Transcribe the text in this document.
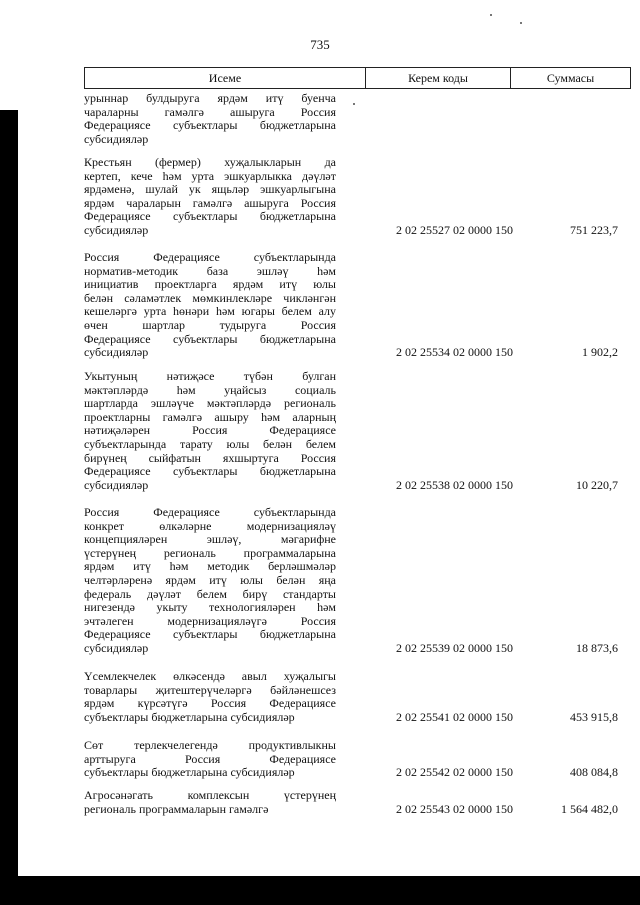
735
Исеме	Керем коды	Суммасы
урыннар булдыруга ярдәм итү буенча
чараларны гамәлгә ашыруга Россия
Федерациясе субъектлары бюджетларына
субсидияләр
Крестьян (фермер) хуҗалыкларын да
кертеп, кече һәм урта эшкуарлыкка дәүләт
ярдәменә, шулай ук ящьләр эшкуарлыгына
ярдәм чараларын гамәлгә ашыруга Россия
Федерациясе субъектлары бюджетларына
субсидияләр	2 02 25527 02 0000 150	751 223,7
Россия Федерациясе субъектларында
норматив-методик база эшләү һәм
инициатив проектларга ярдәм итү юлы
белән сәламәтлек мөмкинлекләре чикләнгән
кешеләргә урта һөнәри һәм югары белем алу
өчен шартлар тудыруга Россия
Федерациясе субъектлары бюджетларына
субсидияләр	2 02 25534 02 0000 150	1 902,2
Укытуның нәтиҗәсе түбән булган
мәктәпләрдә һәм уңайсыз социаль
шартларда эшләүче мәктәпләрдә региональ
проектларны гамәлгә ашыру һәм аларның
нәтиҗәләрен Россия Федерациясе
субъектларында тарату юлы белән белем
бирүнең сыйфатын яхшыртуга Россия
Федерациясе субъектлары бюджетларына
субсидияләр	2 02 25538 02 0000 150	10 220,7
Россия Федерациясе субъектларында
конкрет өлкәләрне модернизацияләү
концепцияләрен эшләү, мәгарифне
үстерүнең региональ программаларына
ярдәм итү һәм методик берләшмәләр
челтәрләренә ярдәм итү юлы белән яңа
федераль дәүләт белем бирү стандарты
нигезендә укыту технологияләрен һәм
эчтәлеген модернизацияләүгә Россия
Федерациясе субъектлары бюджетларына
субсидияләр	2 02 25539 02 0000 150	18 873,6
Үсемлекчелек өлкәсендә авыл хуҗалыгы
товарлары җитештерүчеләргә бәйләнешсез
ярдәм күрсәтүгә Россия Федерациясе
субъектлары бюджетларына субсидияләр	2 02 25541 02 0000 150	453 915,8
Сөт терлекчелегендә продуктивлыкны
арттыруга Россия Федерациясе
субъектлары бюджетларына субсидияләр	2 02 25542 02 0000 150	408 084,8
Агросәнәгать комплексын үстерүнең
региональ программаларын гамәлгә	2 02 25543 02 0000 150	1 564 482,0
